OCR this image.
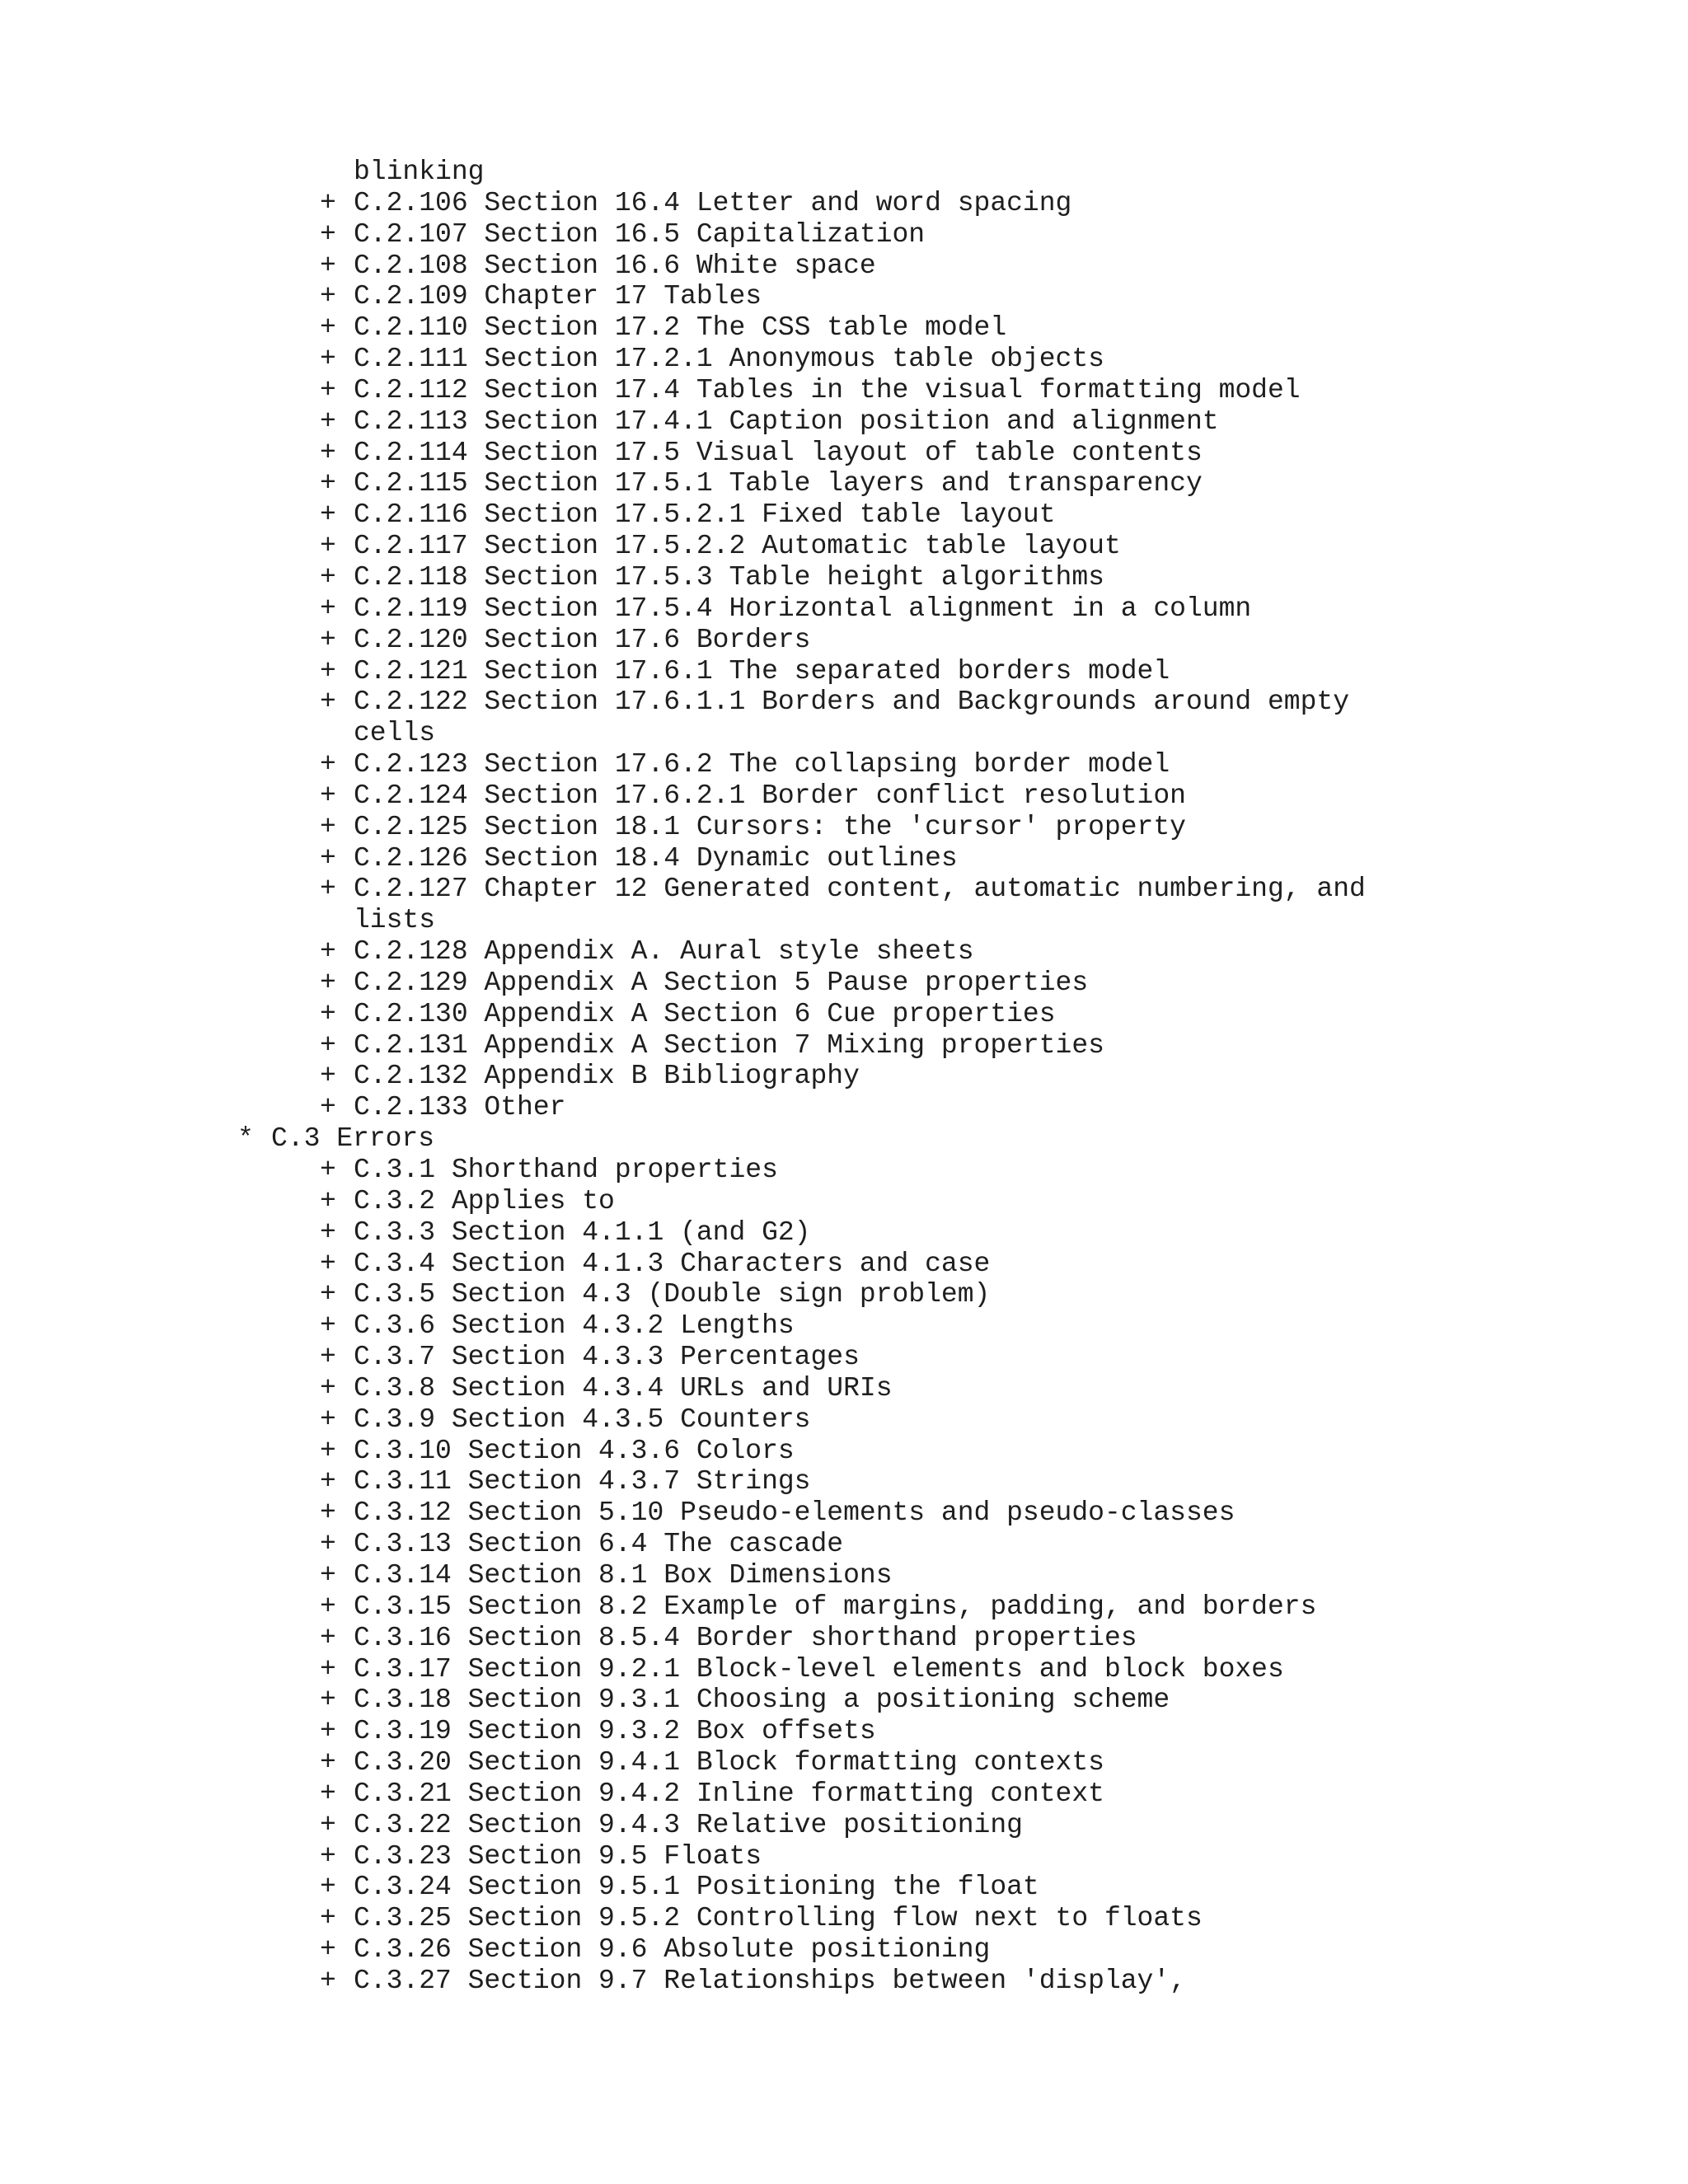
blinking
+ C.2.106 Section 16.4 Letter and word spacing
+ C.2.107 Section 16.5 Capitalization
+ C.2.108 Section 16.6 White space
+ C.2.109 Chapter 17 Tables
+ C.2.110 Section 17.2 The CSS table model
+ C.2.111 Section 17.2.1 Anonymous table objects
+ C.2.112 Section 17.4 Tables in the visual formatting model
+ C.2.113 Section 17.4.1 Caption position and alignment
+ C.2.114 Section 17.5 Visual layout of table contents
+ C.2.115 Section 17.5.1 Table layers and transparency
+ C.2.116 Section 17.5.2.1 Fixed table layout
+ C.2.117 Section 17.5.2.2 Automatic table layout
+ C.2.118 Section 17.5.3 Table height algorithms
+ C.2.119 Section 17.5.4 Horizontal alignment in a column
+ C.2.120 Section 17.6 Borders
+ C.2.121 Section 17.6.1 The separated borders model
+ C.2.122 Section 17.6.1.1 Borders and Backgrounds around empty
cells
+ C.2.123 Section 17.6.2 The collapsing border model
+ C.2.124 Section 17.6.2.1 Border conflict resolution
+ C.2.125 Section 18.1 Cursors: the 'cursor' property
+ C.2.126 Section 18.4 Dynamic outlines
+ C.2.127 Chapter 12 Generated content, automatic numbering, and
lists
+ C.2.128 Appendix A. Aural style sheets
+ C.2.129 Appendix A Section 5 Pause properties
+ C.2.130 Appendix A Section 6 Cue properties
+ C.2.131 Appendix A Section 7 Mixing properties
+ C.2.132 Appendix B Bibliography
+ C.2.133 Other
* C.3 Errors
+ C.3.1 Shorthand properties
+ C.3.2 Applies to
+ C.3.3 Section 4.1.1 (and G2)
+ C.3.4 Section 4.1.3 Characters and case
+ C.3.5 Section 4.3 (Double sign problem)
+ C.3.6 Section 4.3.2 Lengths
+ C.3.7 Section 4.3.3 Percentages
+ C.3.8 Section 4.3.4 URLs and URIs
+ C.3.9 Section 4.3.5 Counters
+ C.3.10 Section 4.3.6 Colors
+ C.3.11 Section 4.3.7 Strings
+ C.3.12 Section 5.10 Pseudo-elements and pseudo-classes
+ C.3.13 Section 6.4 The cascade
+ C.3.14 Section 8.1 Box Dimensions
+ C.3.15 Section 8.2 Example of margins, padding, and borders
+ C.3.16 Section 8.5.4 Border shorthand properties
+ C.3.17 Section 9.2.1 Block-level elements and block boxes
+ C.3.18 Section 9.3.1 Choosing a positioning scheme
+ C.3.19 Section 9.3.2 Box offsets
+ C.3.20 Section 9.4.1 Block formatting contexts
+ C.3.21 Section 9.4.2 Inline formatting context
+ C.3.22 Section 9.4.3 Relative positioning
+ C.3.23 Section 9.5 Floats
+ C.3.24 Section 9.5.1 Positioning the float
+ C.3.25 Section 9.5.2 Controlling flow next to floats
+ C.3.26 Section 9.6 Absolute positioning
+ C.3.27 Section 9.7 Relationships between 'display',
